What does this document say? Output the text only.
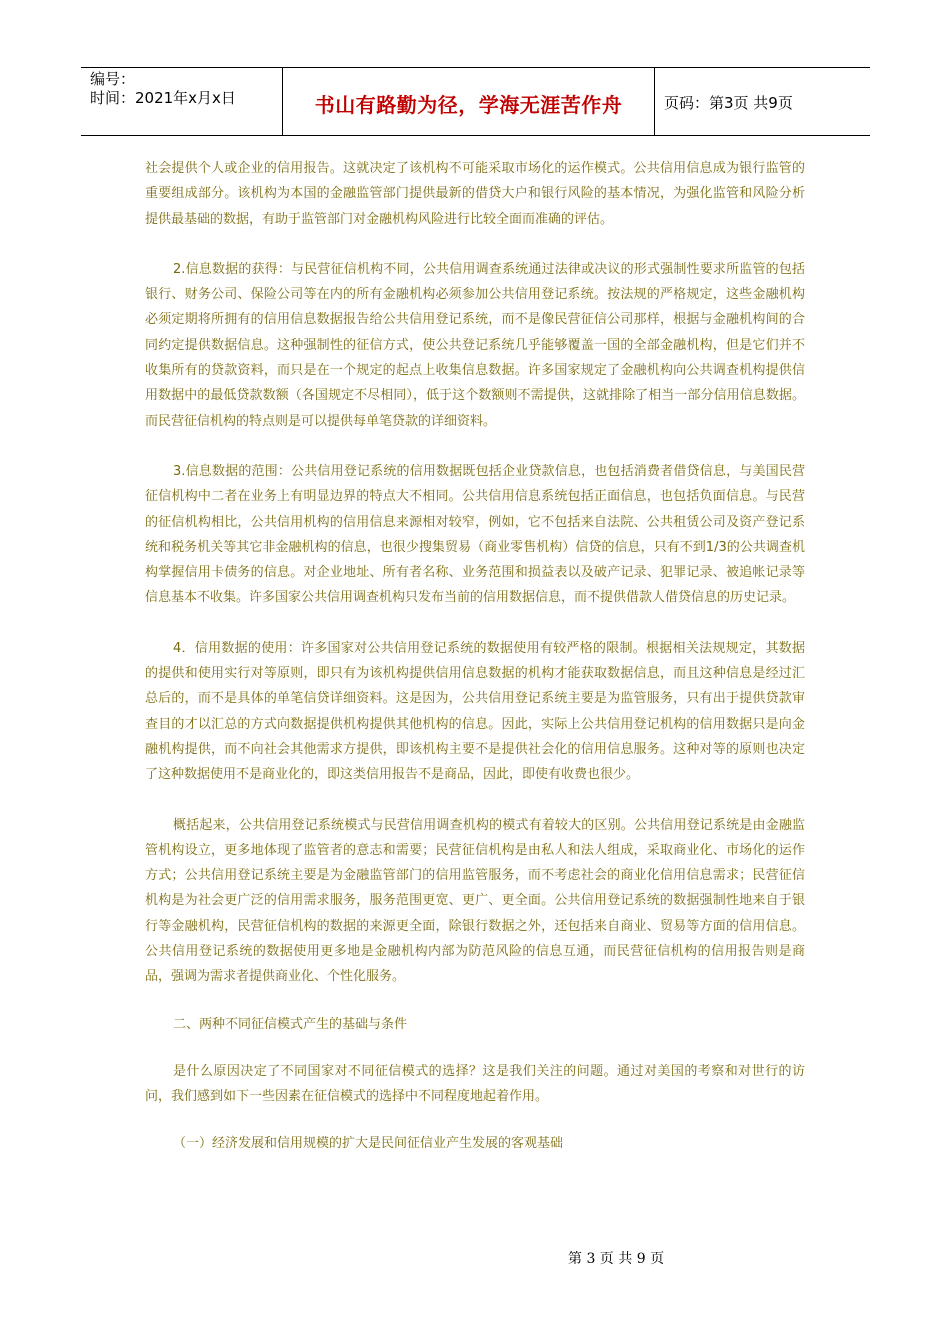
编号：
时间：2021年x月x日	书山有路勤为径，学海无涯苦作舟	页码：第3页 共9页

社会提供个人或企业的信用报告。这就决定了该机构不可能采取市场化的运作模式。公共信用信息成为银行监管的重要组成部分。该机构为本国的金融监管部门提供最新的借贷大户和银行风险的基本情况，为强化监管和风险分析提供最基础的数据，有助于监管部门对金融机构风险进行比较全面而准确的评估。

2.信息数据的获得：与民营征信机构不同，公共信用调查系统通过法律或决议的形式强制性要求所监管的包括银行、财务公司、保险公司等在内的所有金融机构必须参加公共信用登记系统。按法规的严格规定，这些金融机构必须定期将所拥有的信用信息数据报告给公共信用登记系统，而不是像民营征信公司那样，根据与金融机构间的合同约定提供数据信息。这种强制性的征信方式，使公共登记系统几乎能够覆盖一国的全部金融机构，但是它们并不收集所有的贷款资料，而只是在一个规定的起点上收集信息数据。许多国家规定了金融机构向公共调查机构提供信用数据中的最低贷款数额（各国规定不尽相同），低于这个数额则不需提供，这就排除了相当一部分信用信息数据。而民营征信机构的特点则是可以提供每单笔贷款的详细资料。

3.信息数据的范围：公共信用登记系统的信用数据既包括企业贷款信息，也包括消费者借贷信息，与美国民营征信机构中二者在业务上有明显边界的特点大不相同。公共信用信息系统包括正面信息，也包括负面信息。与民营的征信机构相比，公共信用机构的信用信息来源相对较窄，例如，它不包括来自法院、公共租赁公司及资产登记系统和税务机关等其它非金融机构的信息，也很少搜集贸易（商业零售机构）信贷的信息，只有不到1/3的公共调查机构掌握信用卡债务的信息。对企业地址、所有者名称、业务范围和损益表以及破产记录、犯罪记录、被追帐记录等信息基本不收集。许多国家公共信用调查机构只发布当前的信用数据信息，而不提供借款人借贷信息的历史记录。

4．信用数据的使用：许多国家对公共信用登记系统的数据使用有较严格的限制。根据相关法规规定，其数据的提供和使用实行对等原则，即只有为该机构提供信用信息数据的机构才能获取数据信息，而且这种信息是经过汇总后的，而不是具体的单笔信贷详细资料。这是因为，公共信用登记系统主要是为监管服务，只有出于提供贷款审查目的才以汇总的方式向数据提供机构提供其他机构的信息。因此，实际上公共信用登记机构的信用数据只是向金融机构提供，而不向社会其他需求方提供，即该机构主要不是提供社会化的信用信息服务。这种对等的原则也决定了这种数据使用不是商业化的，即这类信用报告不是商品，因此，即使有收费也很少。

概括起来，公共信用登记系统模式与民营信用调查机构的模式有着较大的区别。公共信用登记系统是由金融监管机构设立，更多地体现了监管者的意志和需要；民营征信机构是由私人和法人组成，采取商业化、市场化的运作方式；公共信用登记系统主要是为金融监管部门的信用监管服务，而不考虑社会的商业化信用信息需求；民营征信机构是为社会更广泛的信用需求服务，服务范围更宽、更广、更全面。公共信用登记系统的数据强制性地来自于银行等金融机构，民营征信机构的数据的来源更全面，除银行数据之外，还包括来自商业、贸易等方面的信用信息。公共信用登记系统的数据使用更多地是金融机构内部为防范风险的信息互通，而民营征信机构的信用报告则是商品，强调为需求者提供商业化、个性化服务。

二、两种不同征信模式产生的基础与条件

是什么原因决定了不同国家对不同征信模式的选择？这是我们关注的问题。通过对美国的考察和对世行的访问，我们感到如下一些因素在征信模式的选择中不同程度地起着作用。

（一）经济发展和信用规模的扩大是民间征信业产生发展的客观基础

第 3 页 共 9 页
